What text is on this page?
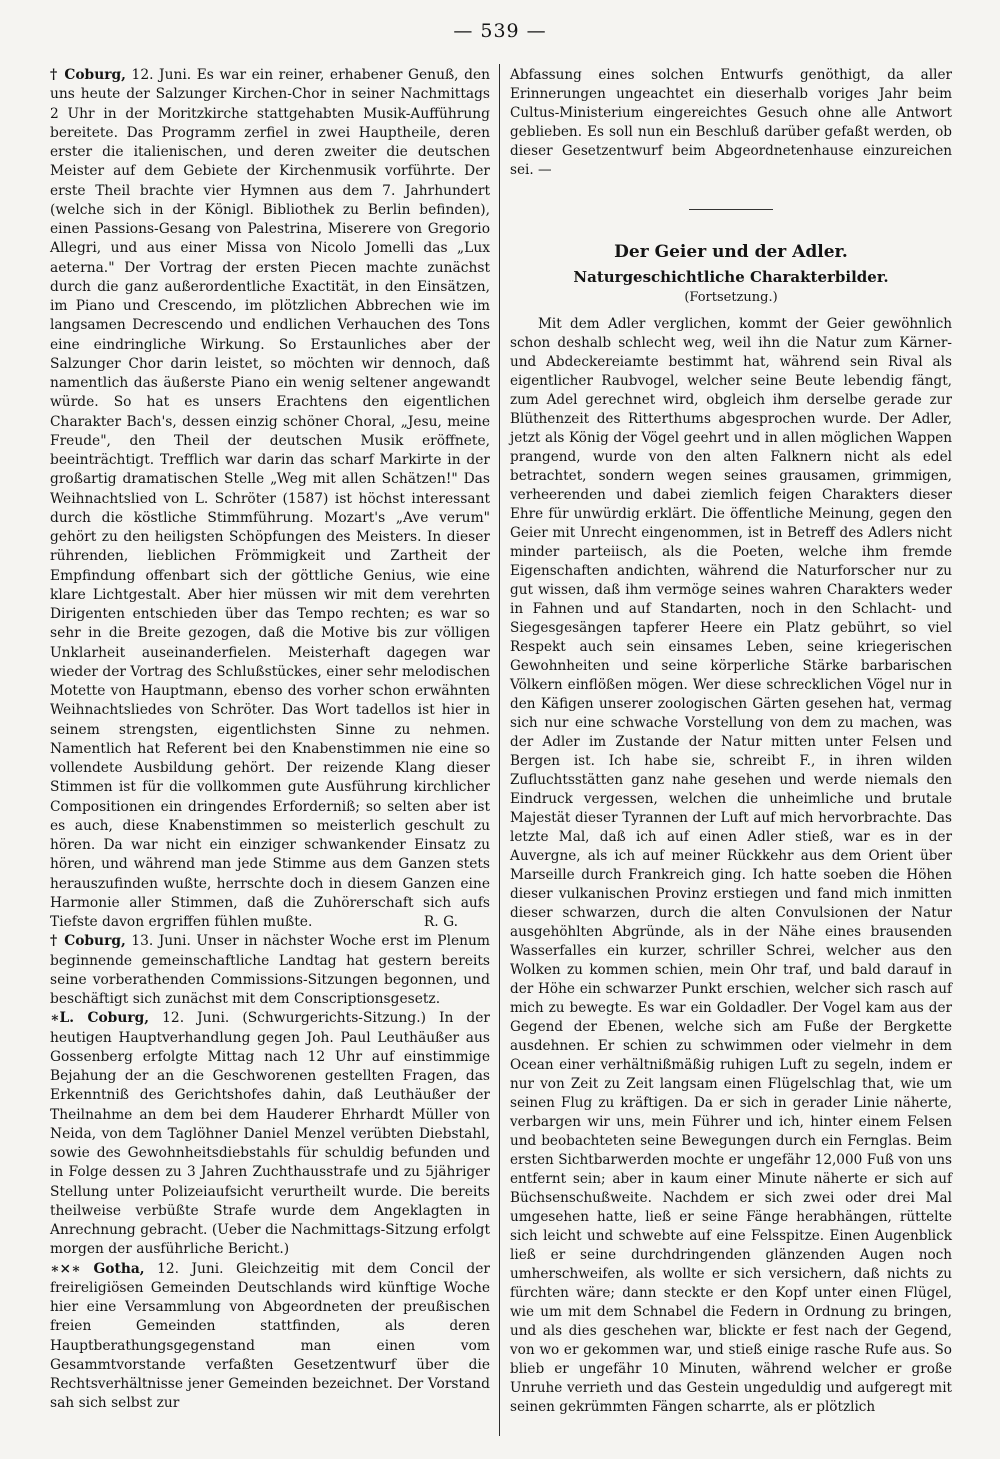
— 539 —

† Coburg, 12. Juni. Es war ein reiner, erhabener Genuß, den uns heute der Salzunger Kirchen-Chor in seiner Nachmittags 2 Uhr in der Moritzkirche stattgehabten Musik-Aufführung bereitete. Das Programm zerfiel in zwei Hauptheile, deren erster die italienischen, und deren zweiter die deutschen Meister auf dem Gebiete der Kirchenmusik vorführte. Der erste Theil brachte vier Hymnen aus dem 7. Jahrhundert (welche sich in der Königl. Bibliothek zu Berlin befinden), einen Passions-Gesang von Palestrina, Miserere von Gregorio Allegri, und aus einer Missa von Nicolo Jomelli das „Lux aeterna." Der Vortrag der ersten Piecen machte zunächst durch die ganz außerordentliche Exactität, in den Einsätzen, im Piano und Crescendo, im plötzlichen Abbrechen wie im langsamen Decrescendo und endlichen Verhauchen des Tons eine eindringliche Wirkung. So Erstaunliches aber der Salzunger Chor darin leistet, so möchten wir dennoch, daß namentlich das äußerste Piano ein wenig seltener angewandt würde. So hat es unsers Erachtens den eigentlichen Charakter Bach's, dessen einzig schöner Choral, „Jesu, meine Freude", den Theil der deutschen Musik eröffnete, beeinträchtigt. Trefflich war darin das scharf Markirte in der großartig dramatischen Stelle „Weg mit allen Schätzen!" Das Weihnachtslied von L. Schröter (1587) ist höchst interessant durch die köstliche Stimmführung. Mozart's „Ave verum" gehört zu den heiligsten Schöpfungen des Meisters. In dieser rührenden, lieblichen Frömmigkeit und Zartheit der Empfindung offenbart sich der göttliche Genius, wie eine klare Lichtgestalt. Aber hier müssen wir mit dem verehrten Dirigenten entschieden über das Tempo rechten; es war so sehr in die Breite gezogen, daß die Motive bis zur völligen Unklarheit auseinanderfielen. Meisterhaft dagegen war wieder der Vortrag des Schlußstückes, einer sehr melodischen Motette von Hauptmann, ebenso des vorher schon erwähnten Weihnachtsliedes von Schröter. Das Wort tadellos ist hier in seinem strengsten, eigentlichsten Sinne zu nehmen. Namentlich hat Referent bei den Knabenstimmen nie eine so vollendete Ausbildung gehört. Der reizende Klang dieser Stimmen ist für die vollkommen gute Ausführung kirchlicher Compositionen ein dringendes Erforderniß; so selten aber ist es auch, diese Knabenstimmen so meisterlich geschult zu hören. Da war nicht ein einziger schwankender Einsatz zu hören, und während man jede Stimme aus dem Ganzen stets herauszufinden wußte, herrschte doch in diesem Ganzen eine Harmonie aller Stimmen, daß die Zuhörerschaft sich aufs Tiefste davon ergriffen fühlen mußte.	R. G.

† Coburg, 13. Juni. Unser in nächster Woche erst im Plenum beginnende gemeinschaftliche Landtag hat gestern bereits seine vorberathenden Commissions-Sitzungen begonnen, und beschäftigt sich zunächst mit dem Conscriptionsgesetz.

∗L. Coburg, 12. Juni. (Schwurgerichts-Sitzung.) In der heutigen Hauptverhandlung gegen Joh. Paul Leuthäußer aus Gossenberg erfolgte Mittag nach 12 Uhr auf einstimmige Bejahung der an die Geschworenen gestellten Fragen, das Erkenntniß des Gerichtshofes dahin, daß Leuthäußer der Theilnahme an dem bei dem Hauderer Ehrhardt Müller von Neida, von dem Taglöhner Daniel Menzel verübten Diebstahl, sowie des Gewohnheitsdiebstahls für schuldig befunden und in Folge dessen zu 3 Jahren Zuchthausstrafe und zu 5jähriger Stellung unter Polizeiaufsicht verurtheilt wurde. Die bereits theilweise verbüßte Strafe wurde dem Angeklagten in Anrechnung gebracht. (Ueber die Nachmittags-Sitzung erfolgt morgen der ausführliche Bericht.)

∗⨯∗ Gotha, 12. Juni. Gleichzeitig mit dem Concil der freireligiösen Gemeinden Deutschlands wird künftige Woche hier eine Versammlung von Abgeordneten der preußischen freien Gemeinden stattfinden, als deren Hauptberathungsgegenstand man einen vom Gesammtvorstande verfaßten Gesetzentwurf über die Rechtsverhältnisse jener Gemeinden bezeichnet. Der Vorstand sah sich selbst zur

Abfassung eines solchen Entwurfs genöthigt, da aller Erinnerungen ungeachtet ein dieserhalb voriges Jahr beim Cultus-Ministerium eingereichtes Gesuch ohne alle Antwort geblieben. Es soll nun ein Beschluß darüber gefaßt werden, ob dieser Gesetzentwurf beim Abgeordnetenhause einzureichen sei. —

Der Geier und der Adler.
Naturgeschichtliche Charakterbilder.
(Fortsetzung.)

Mit dem Adler verglichen, kommt der Geier gewöhnlich schon deshalb schlecht weg, weil ihn die Natur zum Kärner- und Abdeckereiamte bestimmt hat, während sein Rival als eigentlicher Raubvogel, welcher seine Beute lebendig fängt, zum Adel gerechnet wird, obgleich ihm derselbe gerade zur Blüthenzeit des Ritterthums abgesprochen wurde. Der Adler, jetzt als König der Vögel geehrt und in allen möglichen Wappen prangend, wurde von den alten Falknern nicht als edel betrachtet, sondern wegen seines grausamen, grimmigen, verheerenden und dabei ziemlich feigen Charakters dieser Ehre für unwürdig erklärt. Die öffentliche Meinung, gegen den Geier mit Unrecht eingenommen, ist in Betreff des Adlers nicht minder parteiisch, als die Poeten, welche ihm fremde Eigenschaften andichten, während die Naturforscher nur zu gut wissen, daß ihm vermöge seines wahren Charakters weder in Fahnen und auf Standarten, noch in den Schlacht- und Siegesgesängen tapferer Heere ein Platz gebührt, so viel Respekt auch sein einsames Leben, seine kriegerischen Gewohnheiten und seine körperliche Stärke barbarischen Völkern einflößen mögen. Wer diese schrecklichen Vögel nur in den Käfigen unserer zoologischen Gärten gesehen hat, vermag sich nur eine schwache Vorstellung von dem zu machen, was der Adler im Zustande der Natur mitten unter Felsen und Bergen ist. Ich habe sie, schreibt F., in ihren wilden Zufluchtsstätten ganz nahe gesehen und werde niemals den Eindruck vergessen, welchen die unheimliche und brutale Majestät dieser Tyrannen der Luft auf mich hervorbrachte. Das letzte Mal, daß ich auf einen Adler stieß, war es in der Auvergne, als ich auf meiner Rückkehr aus dem Orient über Marseille durch Frankreich ging. Ich hatte soeben die Höhen dieser vulkanischen Provinz erstiegen und fand mich inmitten dieser schwarzen, durch die alten Convulsionen der Natur ausgehöhlten Abgründe, als in der Nähe eines brausenden Wasserfalles ein kurzer, schriller Schrei, welcher aus den Wolken zu kommen schien, mein Ohr traf, und bald darauf in der Höhe ein schwarzer Punkt erschien, welcher sich rasch auf mich zu bewegte. Es war ein Goldadler. Der Vogel kam aus der Gegend der Ebenen, welche sich am Fuße der Bergkette ausdehnen. Er schien zu schwimmen oder vielmehr in dem Ocean einer verhältnißmäßig ruhigen Luft zu segeln, indem er nur von Zeit zu Zeit langsam einen Flügelschlag that, wie um seinen Flug zu kräftigen. Da er sich in gerader Linie näherte, verbargen wir uns, mein Führer und ich, hinter einem Felsen und beobachteten seine Bewegungen durch ein Fernglas. Beim ersten Sichtbarwerden mochte er ungefähr 12,000 Fuß von uns entfernt sein; aber in kaum einer Minute näherte er sich auf Büchsenschußweite. Nachdem er sich zwei oder drei Mal umgesehen hatte, ließ er seine Fänge herabhängen, rüttelte sich leicht und schwebte auf eine Felsspitze. Einen Augenblick ließ er seine durchdringenden glänzenden Augen noch umherschweifen, als wollte er sich versichern, daß nichts zu fürchten wäre; dann steckte er den Kopf unter einen Flügel, wie um mit dem Schnabel die Federn in Ordnung zu bringen, und als dies geschehen war, blickte er fest nach der Gegend, von wo er gekommen war, und stieß einige rasche Rufe aus. So blieb er ungefähr 10 Minuten, während welcher er große Unruhe verrieth und das Gestein ungeduldig und aufgeregt mit seinen gekrümmten Fängen scharrte, als er plötzlich
